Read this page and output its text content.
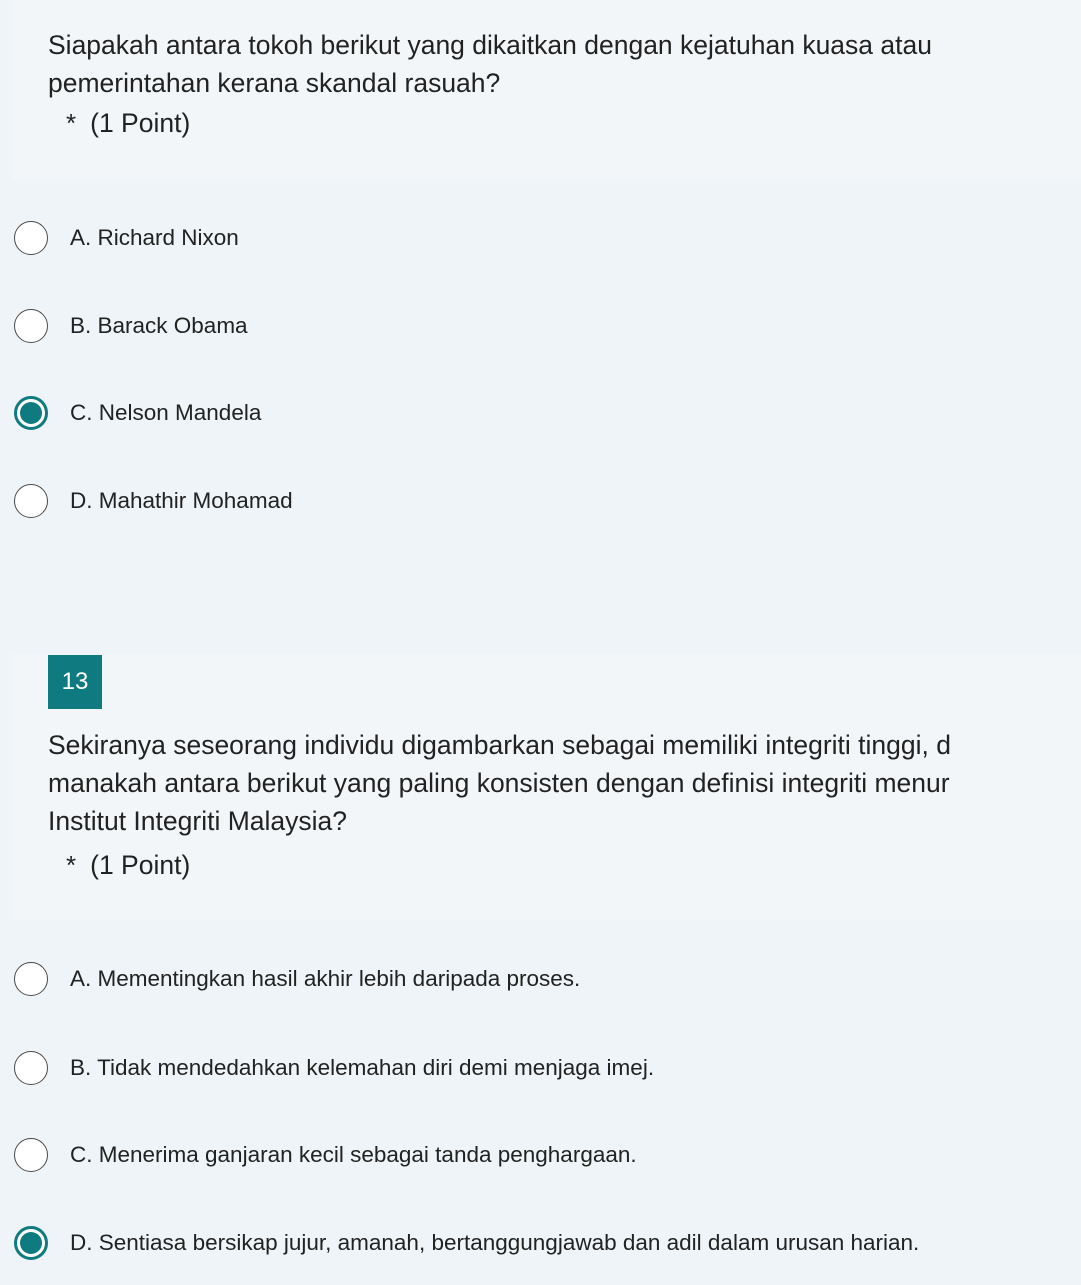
Siapakah antara tokoh berikut yang dikaitkan dengan kejatuhan kuasa atau
pemerintahan kerana skandal rasuah?
* (1 Point)
A. Richard Nixon
B. Barack Obama
C. Nelson Mandela
D. Mahathir Mohamad
Sekiranya seseorang individu digambarkan sebagai memiliki integriti tinggi, d
manakah antara berikut yang paling konsisten dengan definisi integriti menur
Institut Integriti Malaysia?
* (1 Point)
13
A. Mementingkan hasil akhir lebih daripada proses.
B. Tidak mendedahkan kelemahan diri demi menjaga imej.
C. Menerima ganjaran kecil sebagai tanda penghargaan.
D. Sentiasa bersikap jujur, amanah, bertanggungjawab dan adil dalam urusan harian.
